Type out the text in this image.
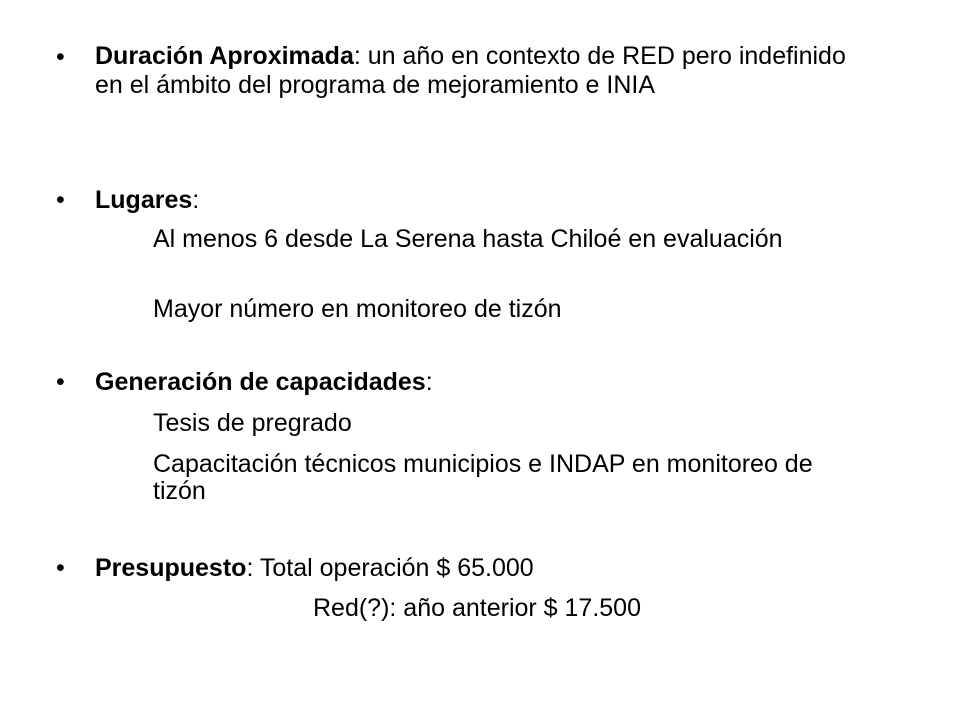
• Duración Aproximada: un año en contexto de RED pero indefinido en el ámbito del programa de mejoramiento e INIA
• Lugares:
Al menos 6 desde La Serena hasta Chiloé en evaluación
Mayor número en monitoreo de tizón
• Generación de capacidades:
Tesis de pregrado
Capacitación técnicos municipios e INDAP en monitoreo de tizón
• Presupuesto: Total operación $ 65.000
Red(?): año anterior $ 17.500
